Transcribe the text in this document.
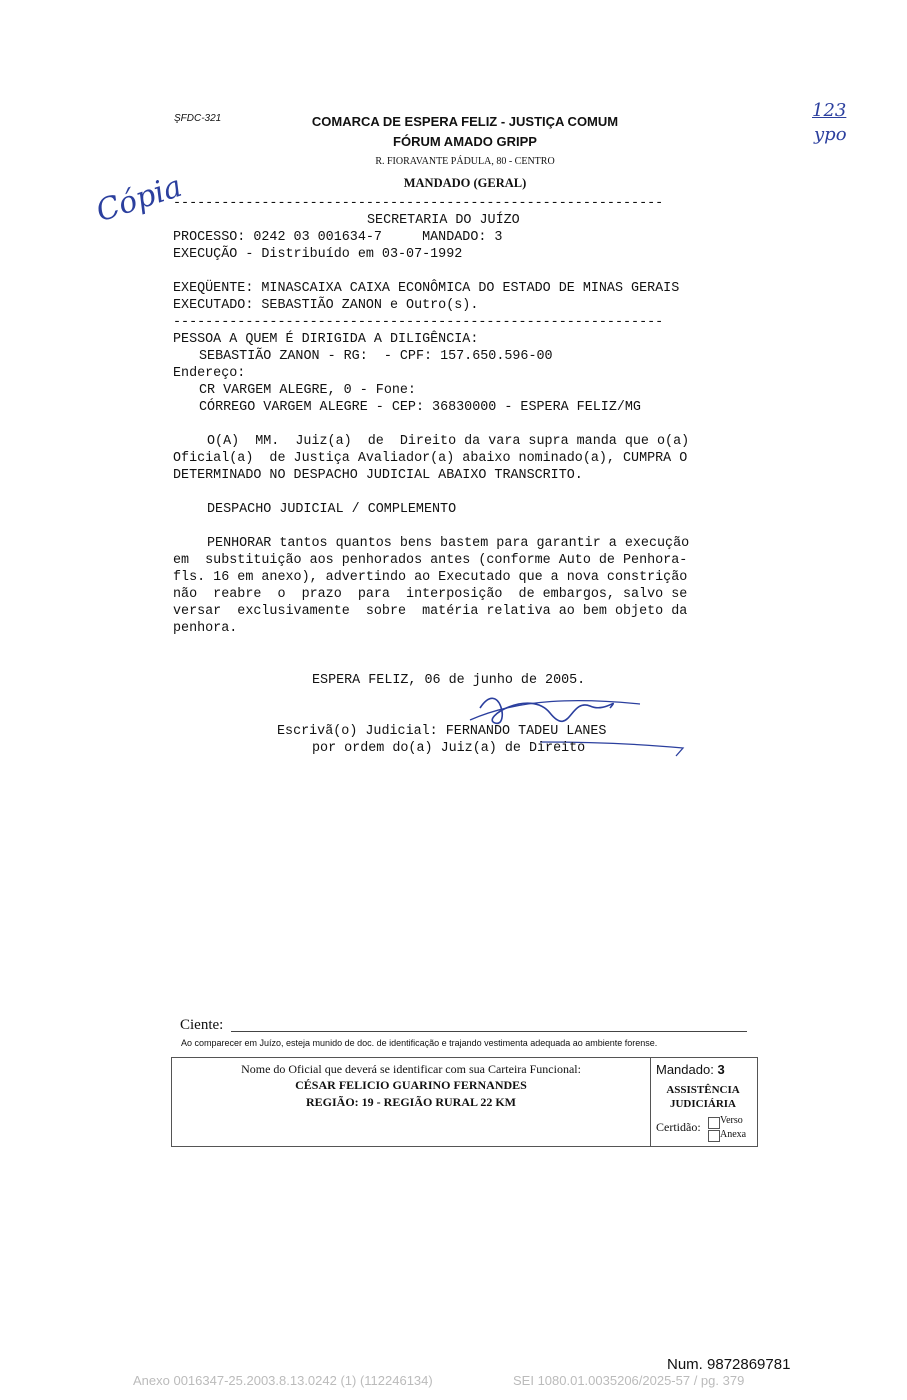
ŞFDC-321	COMARCA DE ESPERA FELIZ - JUSTIÇA COMUM
FÓRUM AMADO GRIPP
R. FIORAVANTE PÁDULA, 80 - CENTRO
MANDADO (GERAL)
123
ypo
Cópia
-------------------------------------------------------------
SECRETARIA DO JUÍZO
PROCESSO: 0242 03 001634-7     MANDADO: 3
EXECUÇÃO - Distribuído em 03-07-1992
EXEQÜENTE: MINASCAIXA CAIXA ECONÔMICA DO ESTADO DE MINAS GERAIS
EXECUTADO: SEBASTIÃO ZANON e Outro(s).
-------------------------------------------------------------
PESSOA A QUEM É DIRIGIDA A DILIGÊNCIA:
SEBASTIÃO ZANON - RG:  - CPF: 157.650.596-00
Endereço:
CR VARGEM ALEGRE, 0 - Fone:
CÓRREGO VARGEM ALEGRE - CEP: 36830000 - ESPERA FELIZ/MG
O(A)  MM.  Juiz(a)  de  Direito da vara supra manda que o(a)
Oficial(a)  de Justiça Avaliador(a) abaixo nominado(a), CUMPRA O
DETERMINADO NO DESPACHO JUDICIAL ABAIXO TRANSCRITO.
DESPACHO JUDICIAL / COMPLEMENTO
PENHORAR tantos quantos bens bastem para garantir a execução
em  substituição aos penhorados antes (conforme Auto de Penhora-
fls. 16 em anexo), advertindo ao Executado que a nova constrição
não  reabre  o  prazo  para  interposição  de embargos, salvo se
versar  exclusivamente  sobre  matéria relativa ao bem objeto da
penhora.
ESPERA FELIZ, 06 de junho de 2005.
Escrivã(o) Judicial: FERNANDO TADEU LANES
por ordem do(a) Juiz(a) de Direito
Ciente:
Ao comparecer em Juízo, esteja munido de doc. de identificação e trajando vestimenta adequada ao ambiente forense.
Nome do Oficial que deverá se identificar com sua Carteira Funcional:
CÉSAR FELICIO GUARINO FERNANDES
REGIÃO: 19 - REGIÃO RURAL 22 KM
Mandado: 3
ASSISTÊNCIA
JUDICIÁRIA
Certidão: Verso
Anexa
Num. 9872869781
Anexo 0016347-25.2003.8.13.0242 (1) (112246134)	SEI 1080.01.0035206/2025-57 / pg. 379
